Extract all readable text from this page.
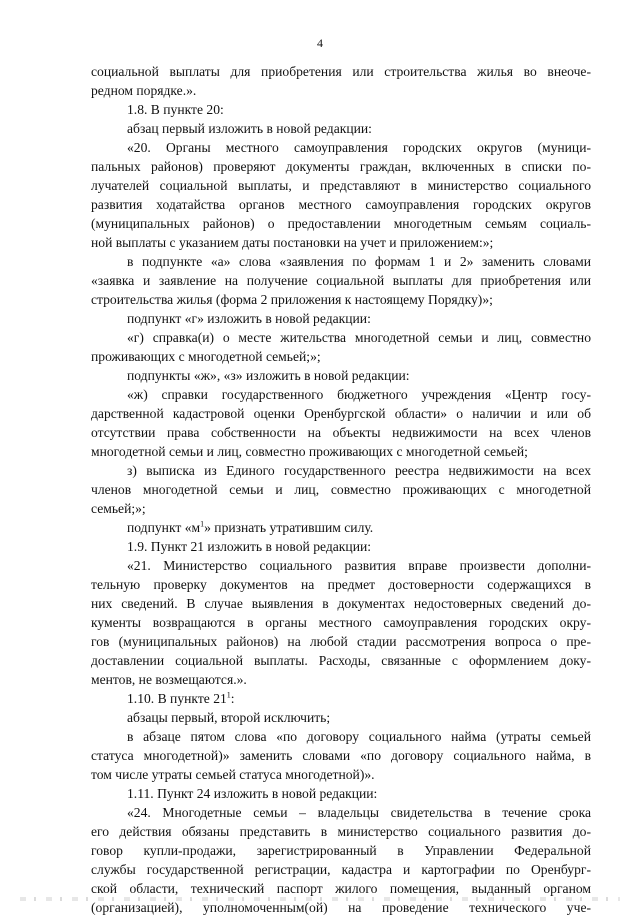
4
социальной выплаты для приобретения или строительства жилья во внеоче-
редном порядке.».
1.8. В пункте 20:
абзац первый изложить в новой редакции:
«20. Органы местного самоуправления городских округов (муници-
пальных районов) проверяют документы граждан, включенных в списки по-
лучателей социальной выплаты, и представляют в министерство социального
развития ходатайства органов местного самоуправления городских округов
(муниципальных районов) о предоставлении многодетным семьям социаль-
ной выплаты с указанием даты постановки на учет и приложением:»;
в подпункте «а» слова «заявления по формам 1 и 2» заменить словами
«заявка и заявление на получение социальной выплаты для приобретения или
строительства жилья (форма 2 приложения к настоящему Порядку)»;
подпункт «г» изложить в новой редакции:
«г) справка(и) о месте жительства многодетной семьи и лиц, совместно
проживающих с многодетной семьей;»;
подпункты «ж», «з» изложить в новой редакции:
«ж) справки государственного бюджетного учреждения «Центр госу-
дарственной кадастровой оценки Оренбургской области» о наличии и или об
отсутствии права собственности на объекты недвижимости на всех членов
многодетной семьи и лиц, совместно проживающих с многодетной семьей;
з) выписка из Единого государственного реестра недвижимости на всех
членов многодетной семьи и лиц, совместно проживающих с многодетной
семьей;»;
подпункт «$м^1$» признать утратившим силу.
1.9. Пункт 21 изложить в новой редакции:
«21. Министерство социального развития вправе произвести дополни-
тельную проверку документов на предмет достоверности содержащихся в
них сведений. В случае выявления в документах недостоверных сведений до-
кументы возвращаются в органы местного самоуправления городских окру-
гов (муниципальных районов) на любой стадии рассмотрения вопроса о пре-
доставлении социальной выплаты. Расходы, связанные с оформлением доку-
ментов, не возмещаются.».
1.10. В пункте $21^1$:
абзацы первый, второй исключить;
в абзаце пятом слова «по договору социального найма (утраты семьей
статуса многодетной)» заменить словами «по договору социального найма, в
том числе утраты семьей статуса многодетной)».
1.11. Пункт 24 изложить в новой редакции:
«24. Многодетные семьи – владельцы свидетельства в течение срока
его действия обязаны представить в министерство социального развития до-
говор купли-продажи, зарегистрированный в Управлении Федеральной
службы государственной регистрации, кадастра и картографии по Оренбург-
ской области, технический паспорт жилого помещения, выданный органом
(организацией), уполномоченным(ой) на проведение технического уче-
